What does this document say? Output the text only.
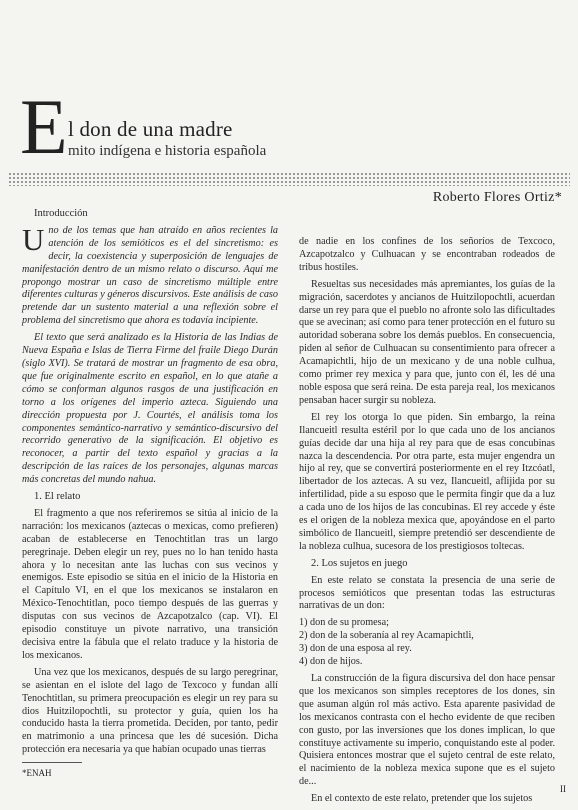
E l don de una madre
mito indígena e historia española
Roberto Flores Ortiz*

Introducción

Uno de los temas que han atraído en años recientes la atención de los semióticos es el del sincretismo: es decir, la coexistencia y superposición de lenguajes de manifestación dentro de un mismo relato o discurso. Aquí me propongo mostrar un caso de sincretismo múltiple entre diferentes culturas y géneros discursivos. Este análisis de caso pretende dar un sustento material a una reflexión sobre el problema del sincretismo que ahora es todavía incipiente.

El texto que será analizado es la Historia de las Indias de Nueva España e Islas de Tierra Firme del fraile Diego Durán (siglo XVI). Se tratará de mostrar un fragmento de esa obra, que fue originalmente escrito en español, en lo que atañe a cómo se conforman algunos rasgos de una justificación en torno a los orígenes del imperio azteca. Siguiendo una dirección propuesta por J. Courtés, el análisis toma los componentes semántico-narrativo y semántico-discursivo del recorrido generativo de la significación. El objetivo es reconocer, a partir del texto español y gracias a la descripción de las raíces de los personajes, algunas marcas más concretas del mundo nahua.

1. El relato

El fragmento a que nos referiremos se sitúa al inicio de la narración: los mexicanos (aztecas o mexicas, como prefieren) acaban de establecerse en Tenochtitlan tras un largo peregrinaje. Deben elegir un rey, pues no lo han tenido hasta ahora y lo necesitan ante las luchas con sus vecinos y enemigos. Este episodio se sitúa en el inicio de la Historia en el Capítulo VI, en el que los mexicanos se instalaron en México-Tenochtitlan, poco tiempo después de las guerras y disputas con sus vecinos de Azcapotzalco (cap. VI). El episodio constituye un pivote narrativo, una transición decisiva entre la fábula que el relato traduce y la historia de los mexicanos.

Una vez que los mexicanos, después de su largo peregrinar, se asientan en el islote del lago de Texcoco y fundan allí Tenochtitlan, su primera preocupación es elegir un rey para su dios Huitzilopochtli, su protector y guía, quien los ha conducido hasta la tierra prometida. Deciden, por tanto, pedir en matrimonio a una princesa que les dé sucesión. Dicha protección era necesaria ya que habían ocupado unas tierras

de nadie en los confines de los señoríos de Texcoco, Azcapotzalco y Culhuacan y se encontraban rodeados de tribus hostiles.

Resueltas sus necesidades más apremiantes, los guías de la migración, sacerdotes y ancianos de Huitzilopochtli, acuerdan darse un rey para que el pueblo no afronte solo las dificultades que se avecinan; así como para tener protección en el futuro su autoridad soberana sobre los demás pueblos. En consecuencia, piden al señor de Culhuacan su consentimiento para ofrecer a Acamapichtli, hijo de un mexicano y de una noble culhua, como primer rey mexica y para que, junto con él, les dé una noble esposa que será reina. De esta pareja real, los mexicanos pensaban hacer surgir su nobleza.

El rey los otorga lo que piden. Sin embargo, la reina Ilancueitl resulta estéril por lo que cada uno de los ancianos guías decide dar una hija al rey para que de esas concubinas nazca la descendencia. Por otra parte, esta mujer engendra un hijo al rey, que se convertirá posteriormente en el rey Itzcóatl, libertador de los aztecas. A su vez, Ilancueitl, aflijida por su infertilidad, pide a su esposo que le permita fingir que da a luz a cada uno de los hijos de las concubinas. El rey accede y éste es el origen de la nobleza mexica que, apoyándose en el parto simbólico de Ilancueitl, siempre pretendió ser descendiente de la nobleza culhua, sucesora de los prestigiosos toltecas.

2. Los sujetos en juego

En este relato se constata la presencia de una serie de procesos semióticos que presentan todas las estructuras narrativas de un don:

1) don de su promesa;
2) don de la soberanía al rey Acamapichtli,
3) don de una esposa al rey.
4) don de hijos.

La construcción de la figura discursiva del don hace pensar que los mexicanos son simples receptores de los dones, sin que asuman algún rol más activo. Esta aparente pasividad de los mexicanos contrasta con el hecho evidente de que reciben con gusto, por las inversiones que los dones implican, lo que constituye activamente su imperio, conquistando este al poder. Quisiera entonces mostrar que el sujeto central de este relato, el nacimiento de la nobleza mexica supone que es el sujeto de...

En el contexto de este relato, pretender que los sujetos

*ENAH
II
